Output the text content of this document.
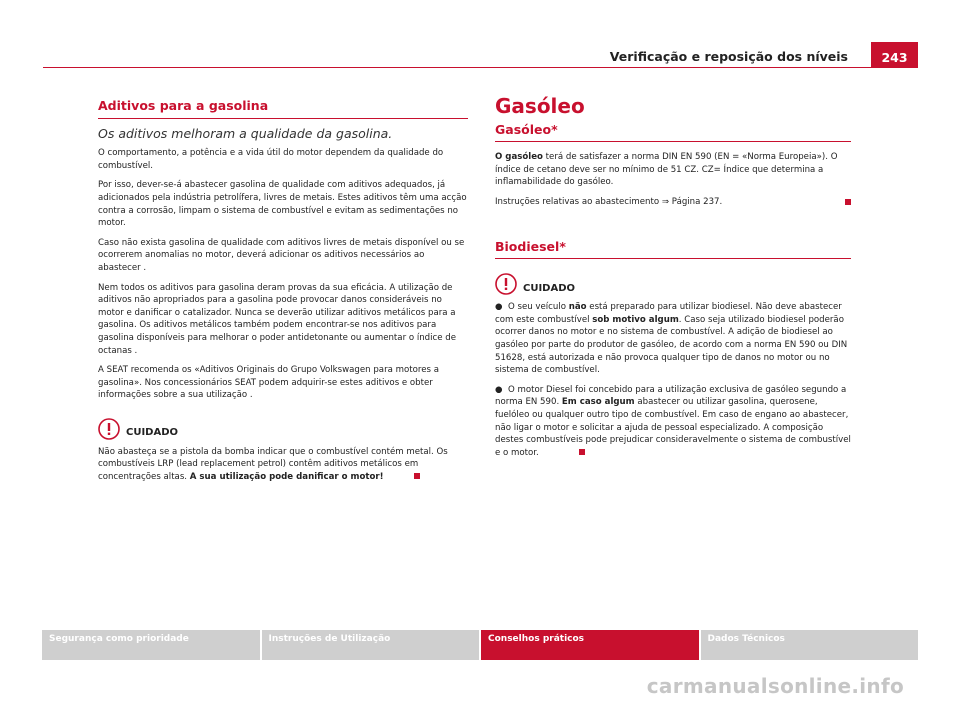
Verificação e reposição dos níveis	243
Aditivos para a gasolina

Os aditivos melhoram a qualidade da gasolina.

O comportamento, a potência e a vida útil do motor dependem da qualidade do combustível.

Por isso, dever-se-á abastecer gasolina de qualidade com aditivos adequados, já adicionados pela indústria petrolífera, livres de metais. Estes aditivos têm uma acção contra a corrosão, limpam o sistema de combustível e evitam as sedimentações no motor.

Caso não exista gasolina de qualidade com aditivos livres de metais disponível ou se ocorrerem anomalias no motor, deverá adicionar os aditivos necessários ao abastecer .

Nem todos os aditivos para gasolina deram provas da sua eficácia. A utilização de aditivos não apropriados para a gasolina pode provocar danos consideráveis no motor e danificar o catalizador. Nunca se deverão utilizar aditivos metálicos para a gasolina. Os aditivos metálicos também podem encontrar-se nos aditivos para gasolina disponíveis para melhorar o poder antidetonante ou aumentar o índice de octanas .

A SEAT recomenda os «Aditivos Originais do Grupo Volkswagen para motores a gasolina». Nos concessionários SEAT podem adquirir-se estes aditivos e obter informações sobre a sua utilização .

CUIDADO

Não abasteça se a pistola da bomba indicar que o combustível contém metal. Os combustíveis LRP (lead replacement petrol) contêm aditivos metálicos em concentrações altas. A sua utilização pode danificar o motor!

Gasóleo
Gasóleo*

O gasóleo terá de satisfazer a norma DIN EN 590 (EN = «Norma Europeia»). O índice de cetano deve ser no mínimo de 51 CZ. CZ= Índice que determina a inflamabilidade do gasóleo.

Instruções relativas ao abastecimento ⇒ Página 237.

Biodiesel*
CUIDADO

● O seu veículo não está preparado para utilizar biodiesel. Não deve abastecer com este combustível sob motivo algum. Caso seja utilizado biodiesel poderão ocorrer danos no motor e no sistema de combustível. A adição de biodiesel ao gasóleo por parte do produtor de gasóleo, de acordo com a norma EN 590 ou DIN 51628, está autorizada e não provoca qualquer tipo de danos no motor ou no sistema de combustível.

● O motor Diesel foi concebido para a utilização exclusiva de gasóleo segundo a norma EN 590. Em caso algum abastecer ou utilizar gasolina, querosene, fuelóleo ou qualquer outro tipo de combustível. Em caso de engano ao abastecer, não ligar o motor e solicitar a ajuda de pessoal especializado. A composição destes combustíveis pode prejudicar consideravelmente o sistema de combustível e o motor.

Segurança como prioridade	Instruções de Utilização	Conselhos práticos	Dados Técnicos
carmanualsonline.info
